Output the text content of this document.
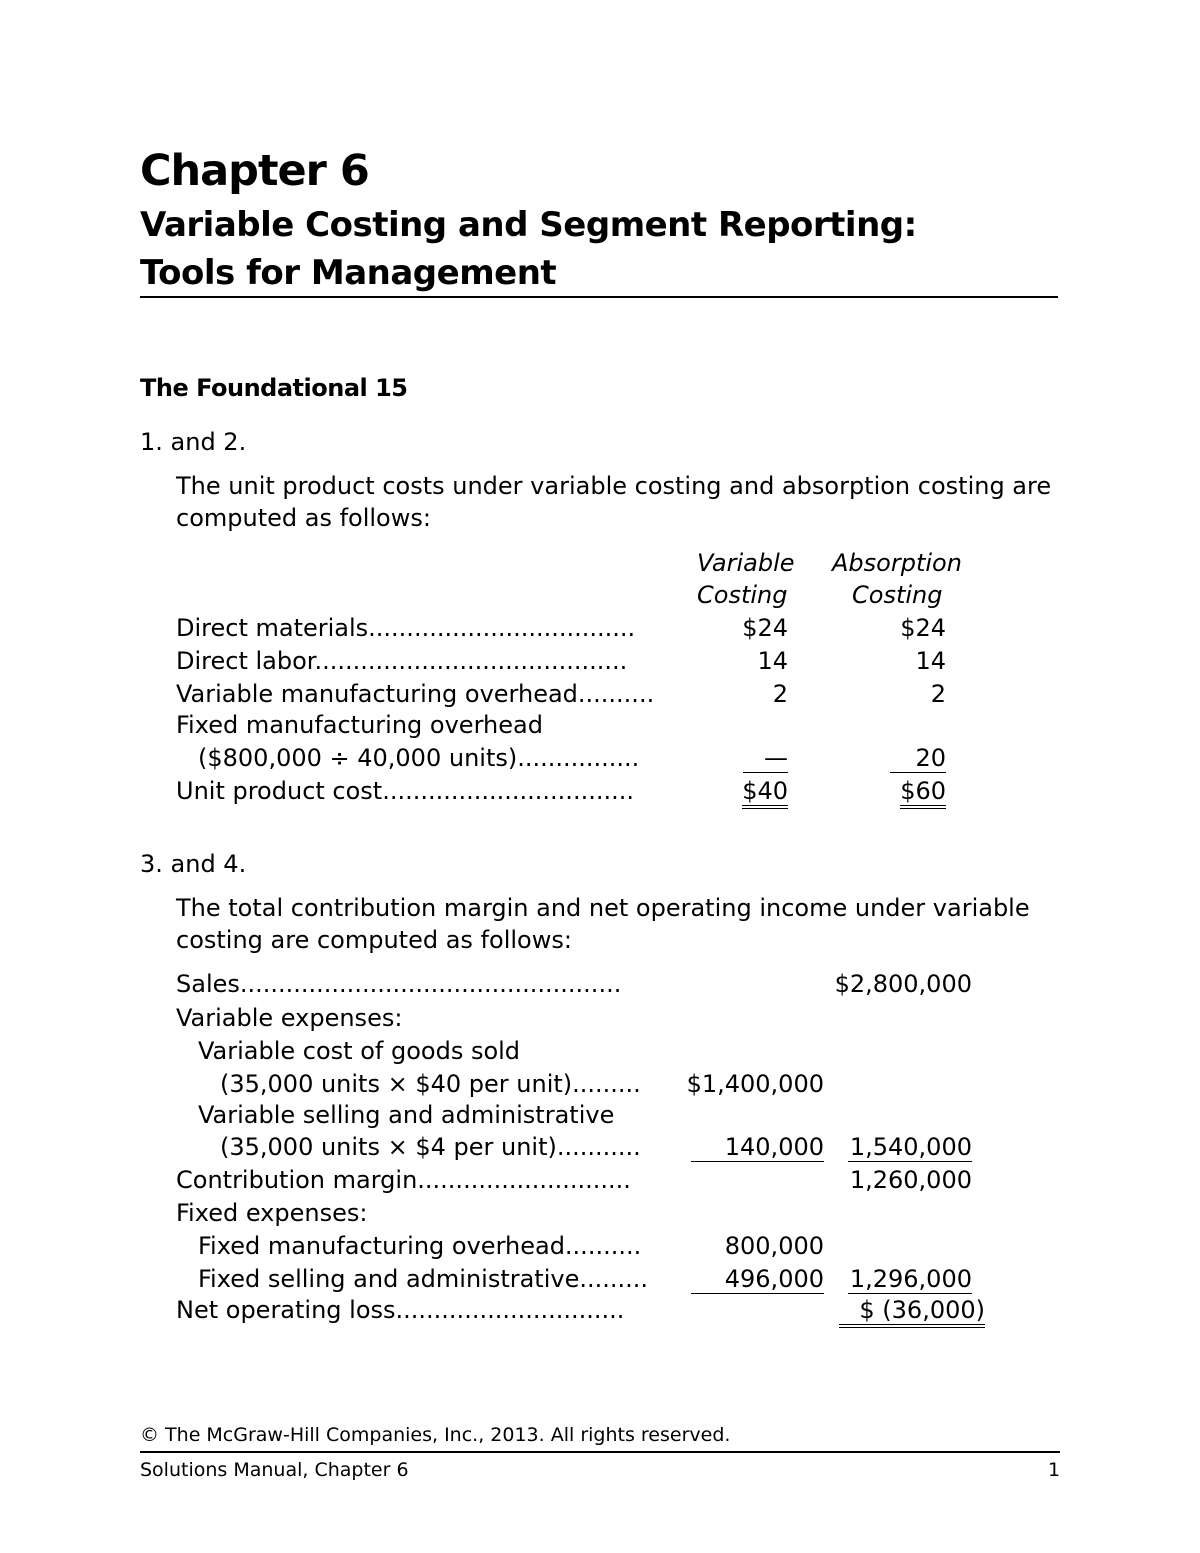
Chapter 6
Variable Costing and Segment Reporting:
Tools for Management
The Foundational 15
1. and 2.
The unit product costs under variable costing and absorption costing are
computed as follows:
Variable
Costing
Absorption
Costing
Direct materials...................................	$24	$24
Direct labor.........................................	14	14
Variable manufacturing overhead..........	2	2
Fixed manufacturing overhead
($800,000 ÷ 40,000 units)................	—	20
Unit product cost.................................	$40	$60
3. and 4.
The total contribution margin and net operating income under variable
costing are computed as follows:
Sales..................................................	$2,800,000
Variable expenses:
Variable cost of goods sold
(35,000 units × $40 per unit)......... $1,400,000
Variable selling and administrative
(35,000 units × $4 per unit)...........	140,000 1,540,000
Contribution margin............................	1,260,000
Fixed expenses:
Fixed manufacturing overhead..........	800,000
Fixed selling and administrative.........	496,000 1,296,000
Net operating loss..............................	$ (36,000)
© The McGraw-Hill Companies, Inc., 2013. All rights reserved.
Solutions Manual, Chapter 6	1
